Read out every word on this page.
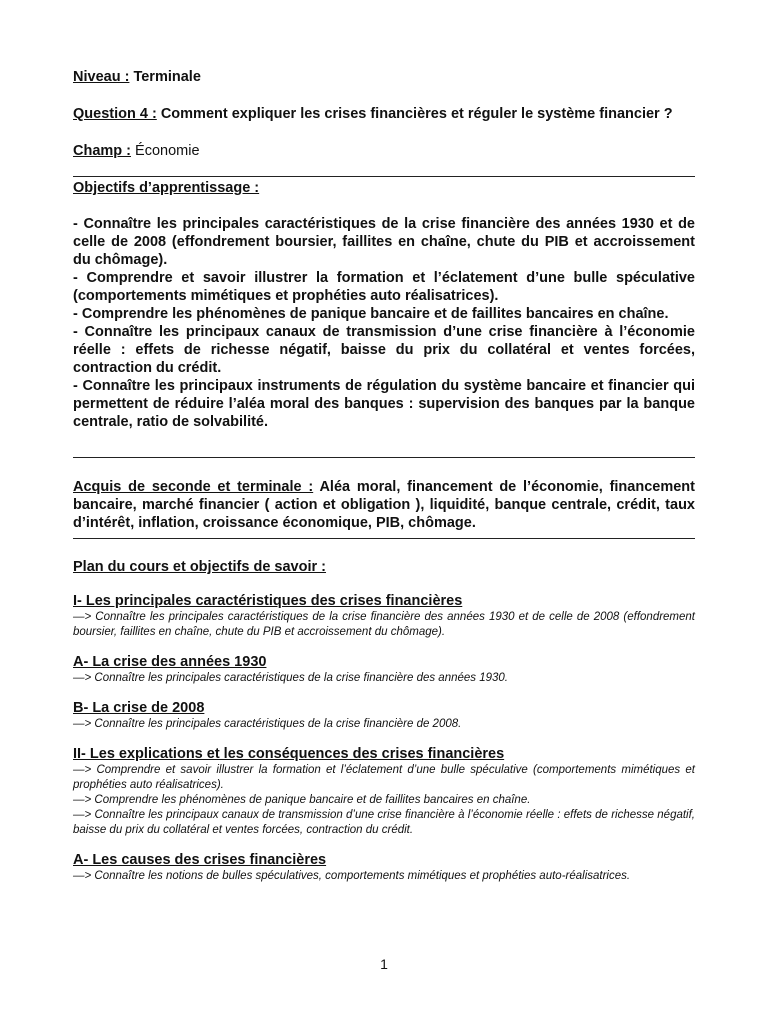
Niveau : Terminale

Question 4 : Comment expliquer les crises financières et réguler le système financier ?

Champ : Économie

Objectifs d’apprentissage :

- Connaître les principales caractéristiques de la crise financière des années 1930 et de celle de 2008 (effondrement boursier, faillites en chaîne, chute du PIB et accroissement du chômage).

- Comprendre et savoir illustrer la formation et l’éclatement d’une bulle spéculative (comportements mimétiques et prophéties auto réalisatrices).

- Comprendre les phénomènes de panique bancaire et de faillites bancaires en chaîne.

- Connaître les principaux canaux de transmission d’une crise financière à l’économie réelle : effets de richesse négatif, baisse du prix du collatéral et ventes forcées, contraction du crédit.

- Connaître les principaux instruments de régulation du système bancaire et financier qui permettent de réduire l’aléa moral des banques : supervision des banques par la banque centrale, ratio de solvabilité.

Acquis de seconde et terminale : Aléa moral, financement de l’économie, financement bancaire, marché financier ( action et obligation ), liquidité, banque centrale, crédit, taux d’intérêt, inflation, croissance économique, PIB, chômage.

Plan du cours et objectifs de savoir :

I- Les principales caractéristiques des crises financières

—> Connaître les principales caractéristiques de la crise financière des années 1930 et de celle de 2008 (effondrement boursier, faillites en chaîne, chute du PIB et accroissement du chômage).

A- La crise des années 1930

—> Connaître les principales caractéristiques de la crise financière des années 1930.

B- La crise de 2008

—> Connaître les principales caractéristiques de la crise financière de 2008.

II- Les explications et les conséquences des crises financières

—> Comprendre et savoir illustrer la formation et l’éclatement d’une bulle spéculative (comportements mimétiques et prophéties auto réalisatrices).

—> Comprendre les phénomènes de panique bancaire et de faillites bancaires en chaîne.

—> Connaître les principaux canaux de transmission d’une crise financière à l’économie réelle : effets de richesse négatif, baisse du prix du collatéral et ventes forcées, contraction du crédit.

A- Les causes des crises financières

—> Connaître les notions de bulles spéculatives, comportements mimétiques et prophéties auto-réalisatrices.

1
